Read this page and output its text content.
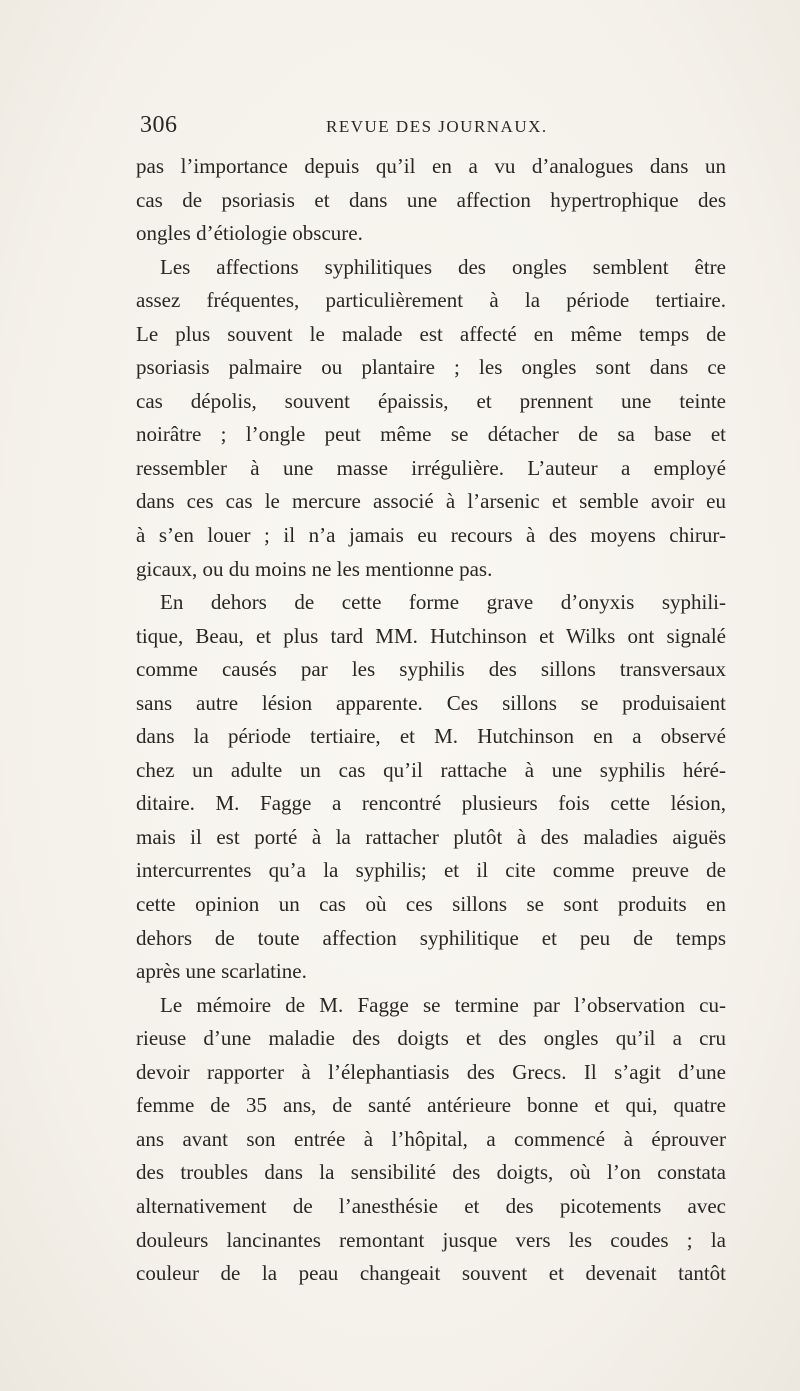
306	REVUE DES JOURNAUX.
pas l’importance depuis qu’il en a vu d’analogues dans un
cas de psoriasis et dans une affection hypertrophique des
ongles d’étiologie obscure.
Les affections syphilitiques des ongles semblent être
assez fréquentes, particulièrement à la période tertiaire.
Le plus souvent le malade est affecté en même temps de
psoriasis palmaire ou plantaire ; les ongles sont dans ce
cas dépolis, souvent épaissis, et prennent une teinte
noirâtre ; l’ongle peut même se détacher de sa base et
ressembler à une masse irrégulière. L’auteur a employé
dans ces cas le mercure associé à l’arsenic et semble avoir eu
à s’en louer ; il n’a jamais eu recours à des moyens chirur-
gicaux, ou du moins ne les mentionne pas.
En dehors de cette forme grave d’onyxis syphili-
tique, Beau, et plus tard MM. Hutchinson et Wilks ont signalé
comme causés par les syphilis des sillons transversaux
sans autre lésion apparente. Ces sillons se produisaient
dans la période tertiaire, et M. Hutchinson en a observé
chez un adulte un cas qu’il rattache à une syphilis héré-
ditaire. M. Fagge a rencontré plusieurs fois cette lésion,
mais il est porté à la rattacher plutôt à des maladies aiguës
intercurrentes qu’a la syphilis; et il cite comme preuve de
cette opinion un cas où ces sillons se sont produits en
dehors de toute affection syphilitique et peu de temps
après une scarlatine.
Le mémoire de M. Fagge se termine par l’observation cu-
rieuse d’une maladie des doigts et des ongles qu’il a cru
devoir rapporter à l’élephantiasis des Grecs. Il s’agit d’une
femme de 35 ans, de santé antérieure bonne et qui, quatre
ans avant son entrée à l’hôpital, a commencé à éprouver
des troubles dans la sensibilité des doigts, où l’on constata
alternativement de l’anesthésie et des picotements avec
douleurs lancinantes remontant jusque vers les coudes ; la
couleur de la peau changeait souvent et devenait tantôt
